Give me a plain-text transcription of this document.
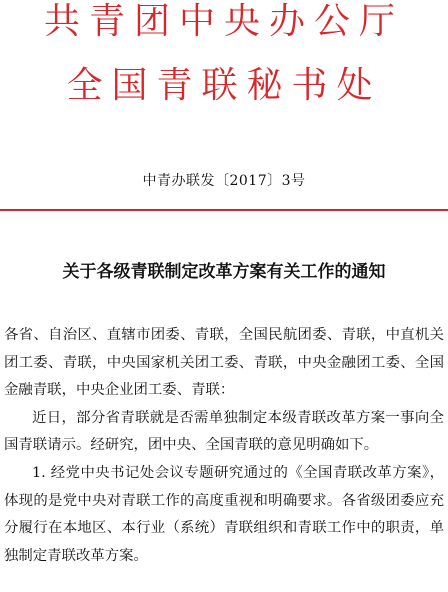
共青团中央办公厅
全国青联秘书处
中青办联发〔2017〕3号
关于各级青联制定改革方案有关工作的通知

各省、自治区、直辖市团委、青联，全国民航团委、青联，中直机关团工委、青联，中央国家机关团工委、青联，中央金融团工委、全国金融青联，中央企业团工委、青联：

近日，部分省青联就是否需单独制定本级青联改革方案一事向全国青联请示。经研究，团中央、全国青联的意见明确如下。

1. 经党中央书记处会议专题研究通过的《全国青联改革方案》，体现的是党中央对青联工作的高度重视和明确要求。各省级团委应充分履行在本地区、本行业（系统）青联组织和青联工作中的职责，单独制定青联改革方案。
